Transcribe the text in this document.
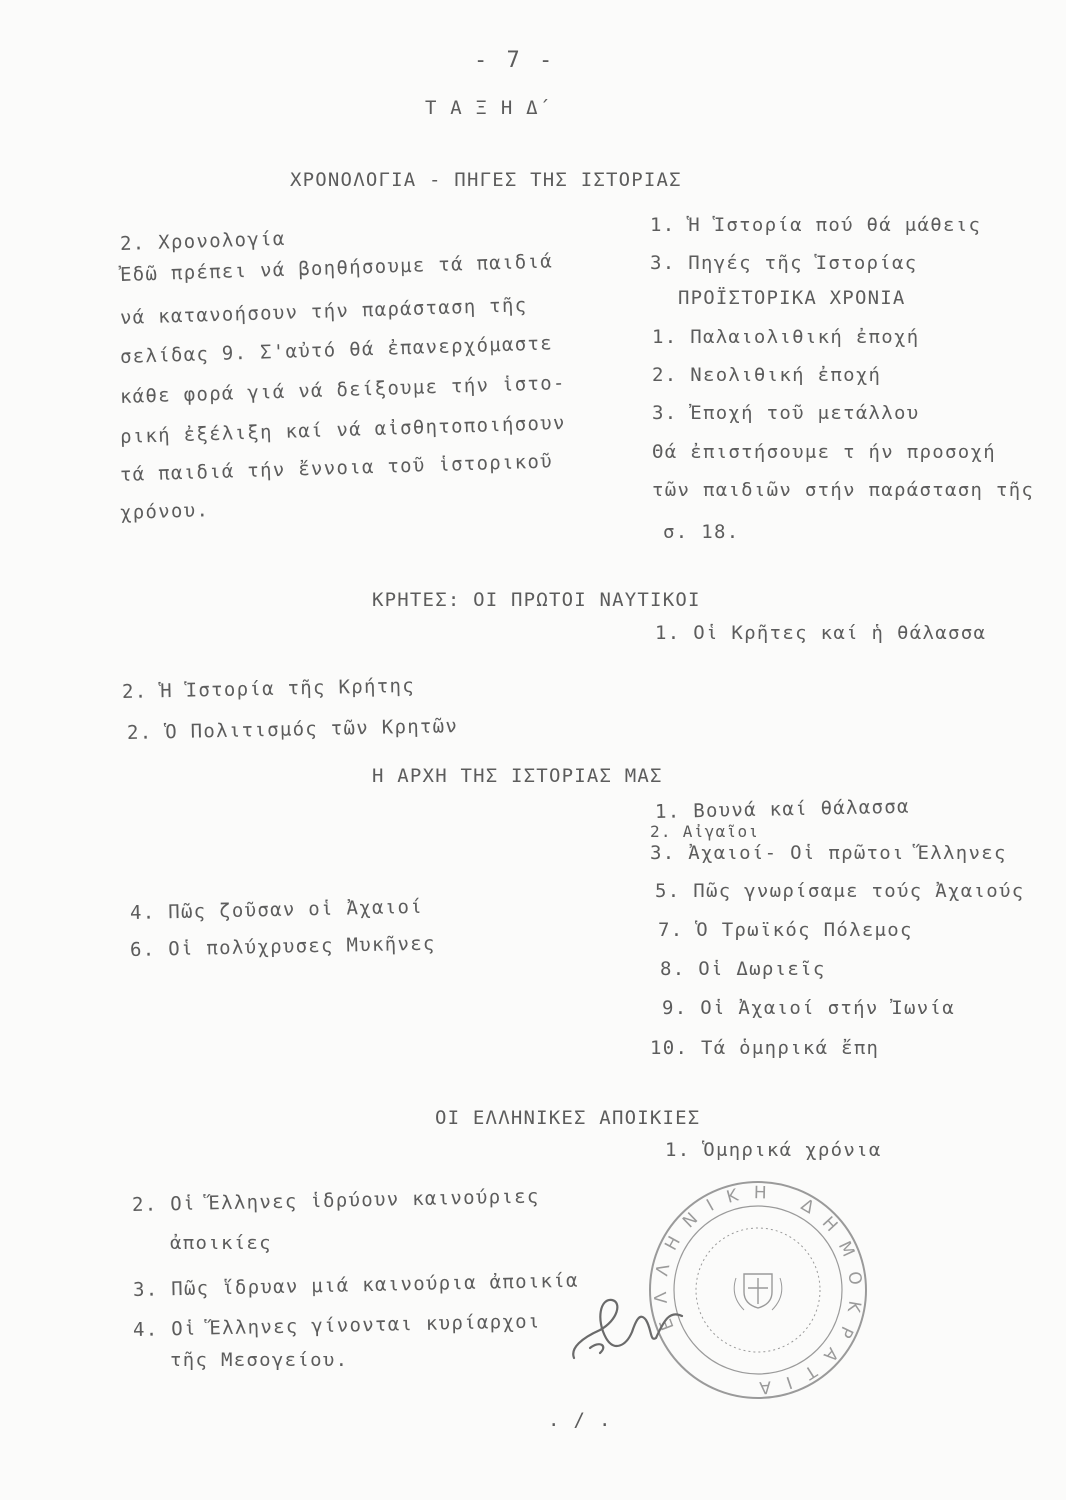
- 7 -
Τ Α Ξ Η Δ΄
ΧΡΟΝΟΛΟΓΙΑ - ΠΗΓΕΣ ΤΗΣ ΙΣΤΟΡΙΑΣ
1. Ἡ Ἱστορία πού θά μάθεις
3. Πηγές τῆς Ἱστορίας
2. Χρονολογία
Ἐδῶ πρέπει νά βοηθήσουμε τά παιδιά
νά κατανοήσουν τήν παράσταση τῆς
σελίδας 9. Σ'αὐτό θά ἐπανερχόμαστε
κάθε φορά γιά νά δείξουμε τήν ἱστο-
ρική ἐξέλιξη καί νά αἰσθητοποιήσουν
τά παιδιά τήν ἔννοια τοῦ ἱστορικοῦ
χρόνου.
ΠΡΟΪΣΤΟΡΙΚΑ ΧΡΟΝΙΑ
1. Παλαιολιθική ἐποχή
2. Νεολιθική ἐποχή
3. Ἐποχή τοῦ μετάλλου
Θά ἐπιστήσουμε τ ήν προσοχή
τῶν παιδιῶν στήν παράσταση τῆς
σ. 18.
ΚΡΗΤΕΣ: ΟΙ ΠΡΩΤΟΙ ΝΑΥΤΙΚΟΙ
1. Οἱ Κρῆτες καί ἡ θάλασσα
2. Ἡ Ἱστορία τῆς Κρήτης
2. Ὁ Πολιτισμός τῶν Κρητῶν
Η ΑΡΧΗ ΤΗΣ ΙΣΤΟΡΙΑΣ ΜΑΣ
1. Βουνά καί θάλασσα
2. Αἰγαῖοι
3. Ἀχαιοί- Οἱ πρῶτοι Ἕλληνες
5. Πῶς γνωρίσαμε τούς Ἀχαιούς
7. Ὁ Τρωϊκός Πόλεμος
8. Οἱ Δωριεῖς
9. Οἱ Ἀχαιοί στήν Ἰωνία
10. Τά ὁμηρικά ἔπη
4. Πῶς ζοῦσαν οἱ Ἀχαιοί
6. Οἱ πολύχρυσες Μυκῆνες
ΟΙ ΕΛΛΗΝΙΚΕΣ ΑΠΟΙΚΙΕΣ
1. Ὁμηρικά χρόνια
2. Οἱ Ἕλληνες ἱδρύουν καινούριες
ἀποικίες
3. Πῶς ἵδρυαν μιά καινούρια ἀποικία
4. Οἱ Ἕλληνες γίνονται κυρίαρχοι
τῆς Μεσογείου.
. / .
ΕΛΛΗΝΙΚΗ ΔΗΜΟΚΡΑΤΙΑ
